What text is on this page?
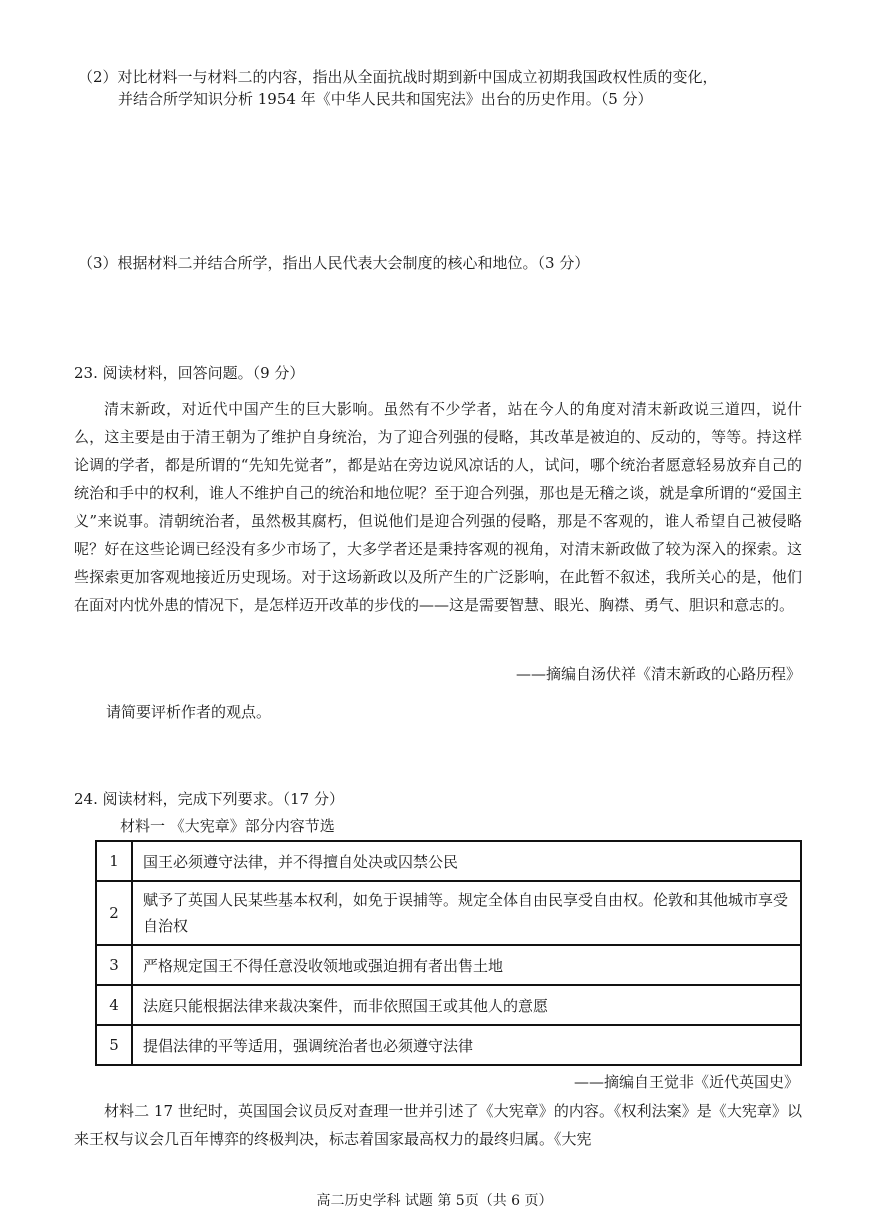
（2）对比材料一与材料二的内容，指出从全面抗战时期到新中国成立初期我国政权性质的变化，
并结合所学知识分析 1954 年《中华人民共和国宪法》出台的历史作用。（5 分）
（3）根据材料二并结合所学，指出人民代表大会制度的核心和地位。（3 分）
23. 阅读材料，回答问题。（9 分）

清末新政，对近代中国产生的巨大影响。虽然有不少学者，站在今人的角度对清末新政说三道四，说什么，这主要是由于清王朝为了维护自身统治，为了迎合列强的侵略，其改革是被迫的、反动的，等等。持这样论调的学者，都是所谓的“先知先觉者”，都是站在旁边说风凉话的人，试问，哪个统治者愿意轻易放弃自己的统治和手中的权利，谁人不维护自己的统治和地位呢？至于迎合列强，那也是无稽之谈，就是拿所谓的“爱国主义”来说事。清朝统治者，虽然极其腐朽，但说他们是迎合列强的侵略，那是不客观的，谁人希望自己被侵略呢？好在这些论调已经没有多少市场了，大多学者还是秉持客观的视角，对清末新政做了较为深入的探索。这些探索更加客观地接近历史现场。对于这场新政以及所产生的广泛影响，在此暂不叙述，我所关心的是，他们在面对内忧外患的情况下，是怎样迈开改革的步伐的——这是需要智慧、眼光、胸襟、勇气、胆识和意志的。

——摘编自汤伏祥《清末新政的心路历程》
请简要评析作者的观点。
24. 阅读材料，完成下列要求。（17 分）
材料一 《大宪章》部分内容节选
1	国王必须遵守法律，并不得擅自处决或囚禁公民
2	赋予了英国人民某些基本权利，如免于误捕等。规定全体自由民享受自由权。伦敦和其他城市享受自治权
3	严格规定国王不得任意没收领地或强迫拥有者出售土地
4	法庭只能根据法律来裁决案件，而非依照国王或其他人的意愿
5	提倡法律的平等适用，强调统治者也必须遵守法律
——摘编自王觉非《近代英国史》

材料二 17 世纪时，英国国会议员反对查理一世并引述了《大宪章》的内容。《权利法案》是《大宪章》以来王权与议会几百年博弈的终极判决，标志着国家最高权力的最终归属。《大宪

高二历史学科 试题 第 5页（共 6 页）
